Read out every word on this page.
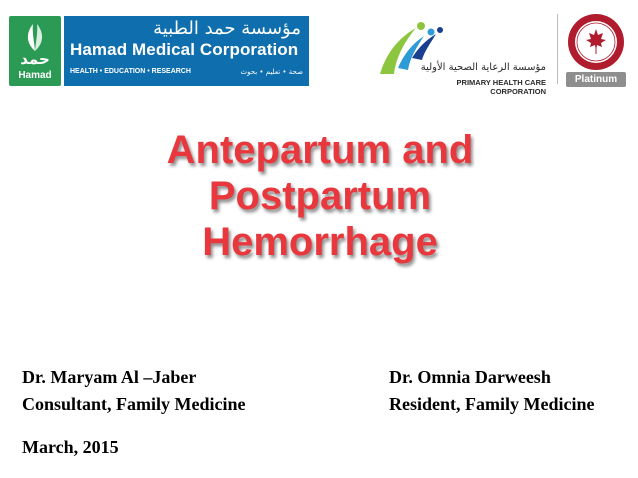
حمد
Hamad
مؤسسة حمد الطبية
Hamad Medical Corporation
HEALTH • EDUCATION • RESEARCH	صحة • تعليم • بحوث	مؤسسة الرعاية الصحية الأولية
PRIMARY HEALTH CARE CORPORATION
Platinum
Antepartum and
Postpartum
Hemorrhage
Dr. Maryam Al –Jaber
Consultant, Family Medicine
Dr. Omnia Darweesh
Resident, Family Medicine
March, 2015
